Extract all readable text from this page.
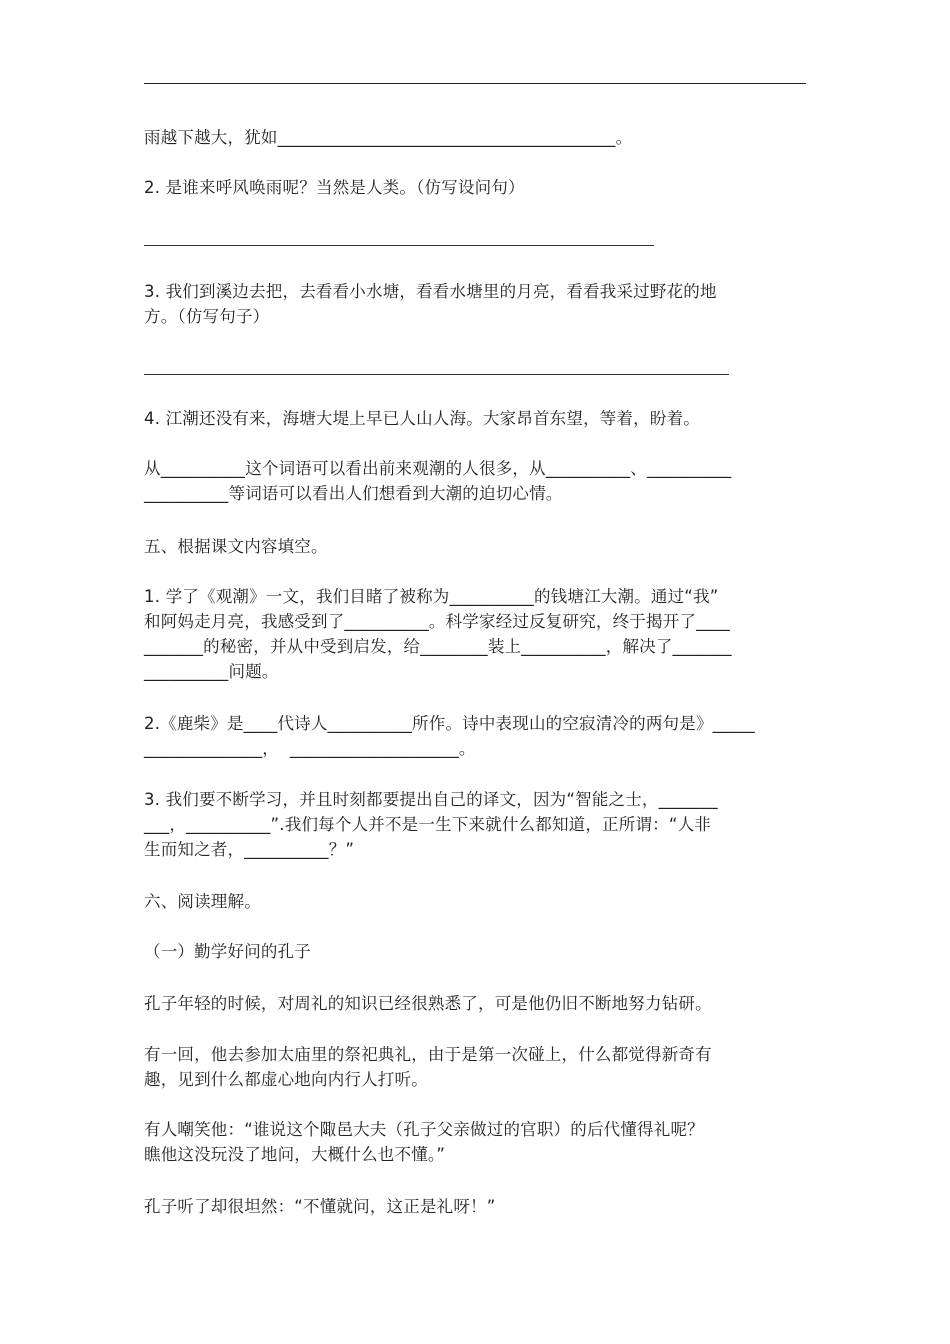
雨越下越大，犹如________________________________________。
2. 是谁来呼风唤雨呢？当然是人类。（仿写设问句）
3. 我们到溪边去把，去看看小水塘，看看水塘里的月亮，看看我采过野花的地
方。（仿写句子）
4. 江潮还没有来，海塘大堤上早已人山人海。大家昂首东望，等着，盼着。
从__________这个词语可以看出前来观潮的人很多，从__________、__________
__________等词语可以看出人们想看到大潮的迫切心情。
五、根据课文内容填空。
1. 学了《观潮》一文，我们目睹了被称为__________的钱塘江大潮。通过“我”
和阿妈走月亮，我感受到了__________。科学家经过反复研究，终于揭开了____
_______的秘密，并从中受到启发，给________装上__________，解决了_______
__________问题。
2.《鹿柴》是____代诗人__________所作。诗中表现山的空寂清冷的两句是》_____
______________，  ____________________。
3. 我们要不断学习，并且时刻都要提出自己的译文，因为“智能之士，_______
___，__________”.我们每个人并不是一生下来就什么都知道，正所谓：“人非
生而知之者，__________？”
六、阅读理解。
（一）勤学好问的孔子
孔子年轻的时候，对周礼的知识已经很熟悉了，可是他仍旧不断地努力钻研。
有一回，他去参加太庙里的祭祀典礼，由于是第一次碰上，什么都觉得新奇有
趣，见到什么都虚心地向内行人打听。
有人嘲笑他：“谁说这个陬邑大夫（孔子父亲做过的官职）的后代懂得礼呢？
瞧他这没玩没了地问，大概什么也不懂。”
孔子听了却很坦然：“不懂就问，这正是礼呀！”
